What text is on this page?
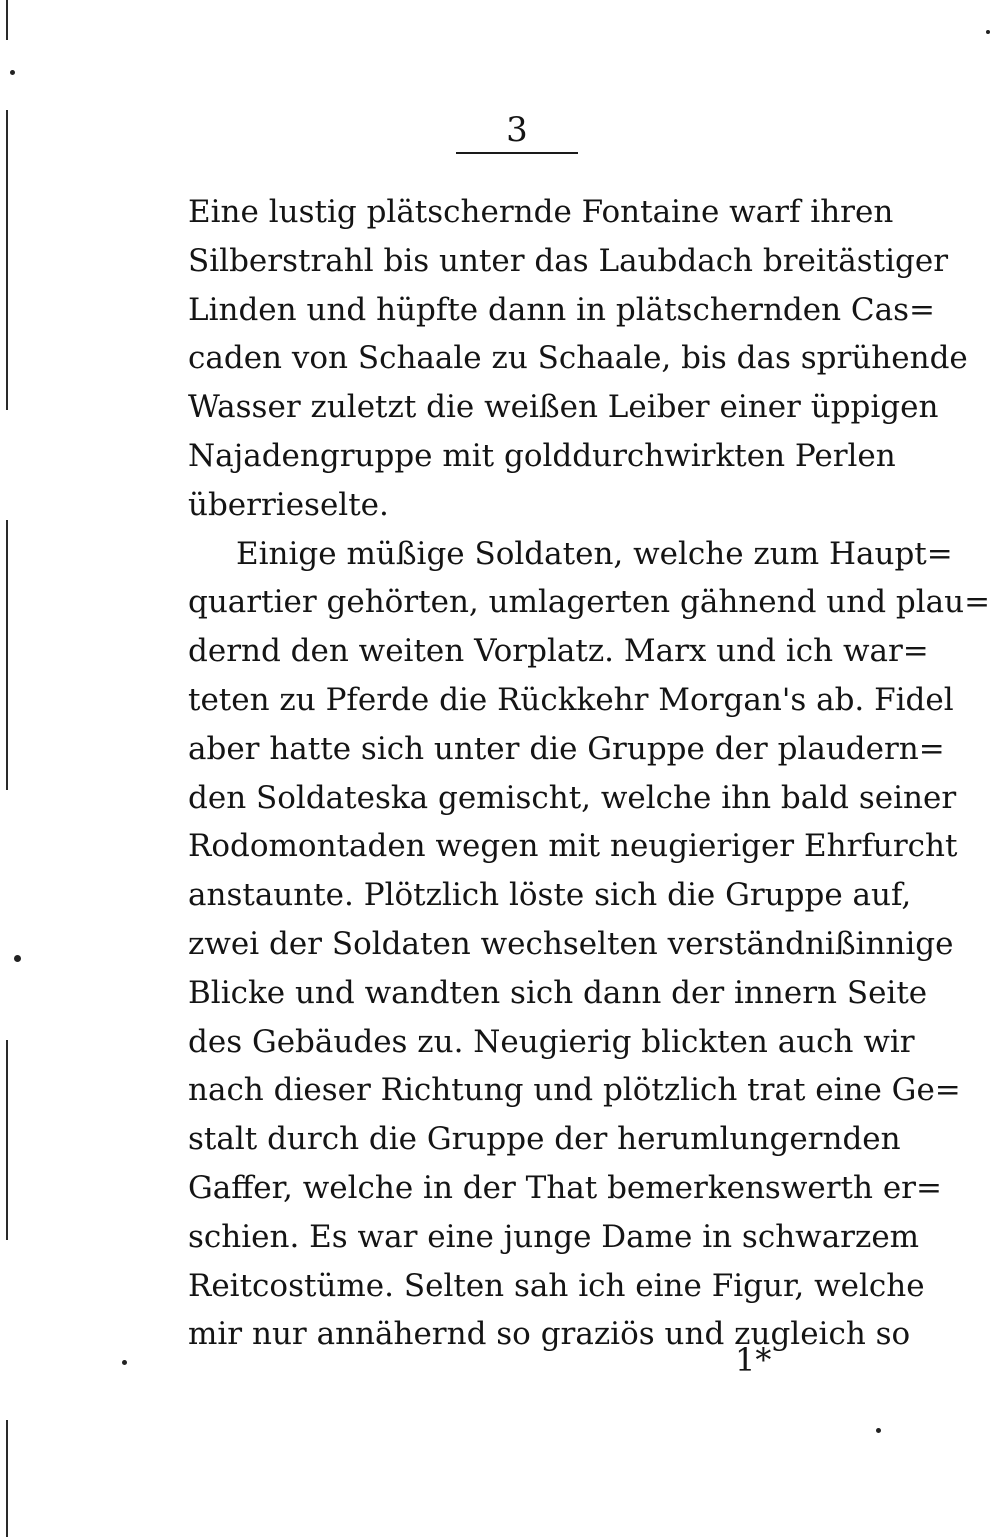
3
Eine lustig plätschernde Fontaine warf ihren
Silberstrahl bis unter das Laubdach breitästiger
Linden und hüpfte dann in plätschernden Cas=
caden von Schaale zu Schaale, bis das sprühende
Wasser zuletzt die weißen Leiber einer üppigen
Najadengruppe mit golddurchwirkten Perlen
überrieselte.
Einige müßige Soldaten, welche zum Haupt=
quartier gehörten, umlagerten gähnend und plau=
dernd den weiten Vorplatz. Marx und ich war=
teten zu Pferde die Rückkehr Morgan's ab. Fidel
aber hatte sich unter die Gruppe der plaudern=
den Soldateska gemischt, welche ihn bald seiner
Rodomontaden wegen mit neugieriger Ehrfurcht
anstaunte. Plötzlich löste sich die Gruppe auf,
zwei der Soldaten wechselten verständnißinnige
Blicke und wandten sich dann der innern Seite
des Gebäudes zu. Neugierig blickten auch wir
nach dieser Richtung und plötzlich trat eine Ge=
stalt durch die Gruppe der herumlungernden
Gaffer, welche in der That bemerkenswerth er=
schien. Es war eine junge Dame in schwarzem
Reitcostüme. Selten sah ich eine Figur, welche
mir nur annähernd so graziös und zugleich so
1*
